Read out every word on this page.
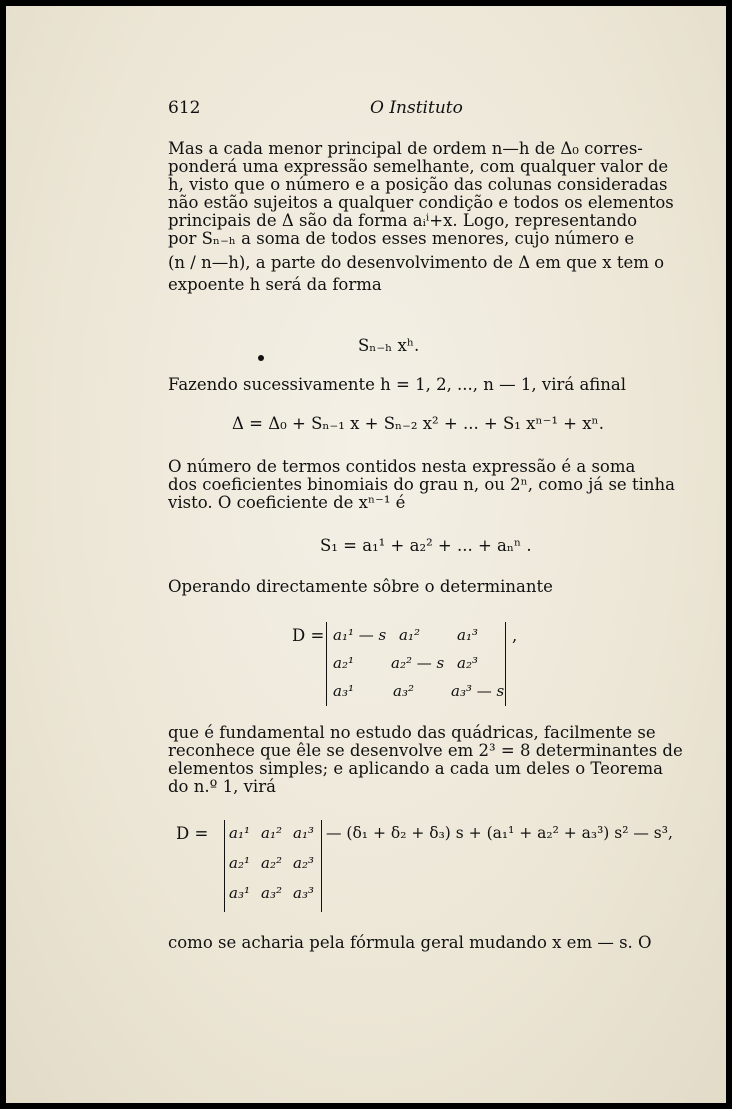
612	O Instituto
Mas a cada menor principal de ordem n—h de Δ₀ corres-
ponderá uma expressão semelhante, com qualquer valor de
h, visto que o número e a posição das colunas consideradas
não estão sujeitos a qualquer condição e todos os elementos
principais de Δ são da forma aᵢⁱ+x. Logo, representando
por Sₙ₋ₕ a soma de todos esses menores, cujo número e
(n / n—h), a parte do desenvolvimento de Δ em que x tem o
expoente h será da forma
Sₙ₋ₕ xʰ.
Fazendo sucessivamente h = 1, 2, ..., n — 1, virá afinal
Δ = Δ₀ + Sₙ₋₁ x + Sₙ₋₂ x² + ... + S₁ xⁿ⁻¹ + xⁿ.
O número de termos contidos nesta expressão é a soma
dos coeficientes binomiais do grau n, ou 2ⁿ, como já se tinha
visto. O coeficiente de xⁿ⁻¹ é
S₁ = a₁¹ + a₂² + ... + aₙⁿ .
Operando directamente sôbre o determinante
D = a₁¹ — s a₁² a₁³
a₂¹ a₂² — s a₂³
a₃¹	a₃² a₃³ — s
,
que é fundamental no estudo das quádricas, facilmente se
reconhece que êle se desenvolve em 2³ = 8 determinantes de
elementos simples; e aplicando a cada um deles o Teorema
do n.º 1, virá
D = a₁¹ a₁² a₁³
a₂¹ a₂² a₂³
a₃¹ a₃² a₃³
— (δ₁ + δ₂ + δ₃) s + (a₁¹ + a₂² + a₃³) s² — s³,
como se acharia pela fórmula geral mudando x em — s. O
